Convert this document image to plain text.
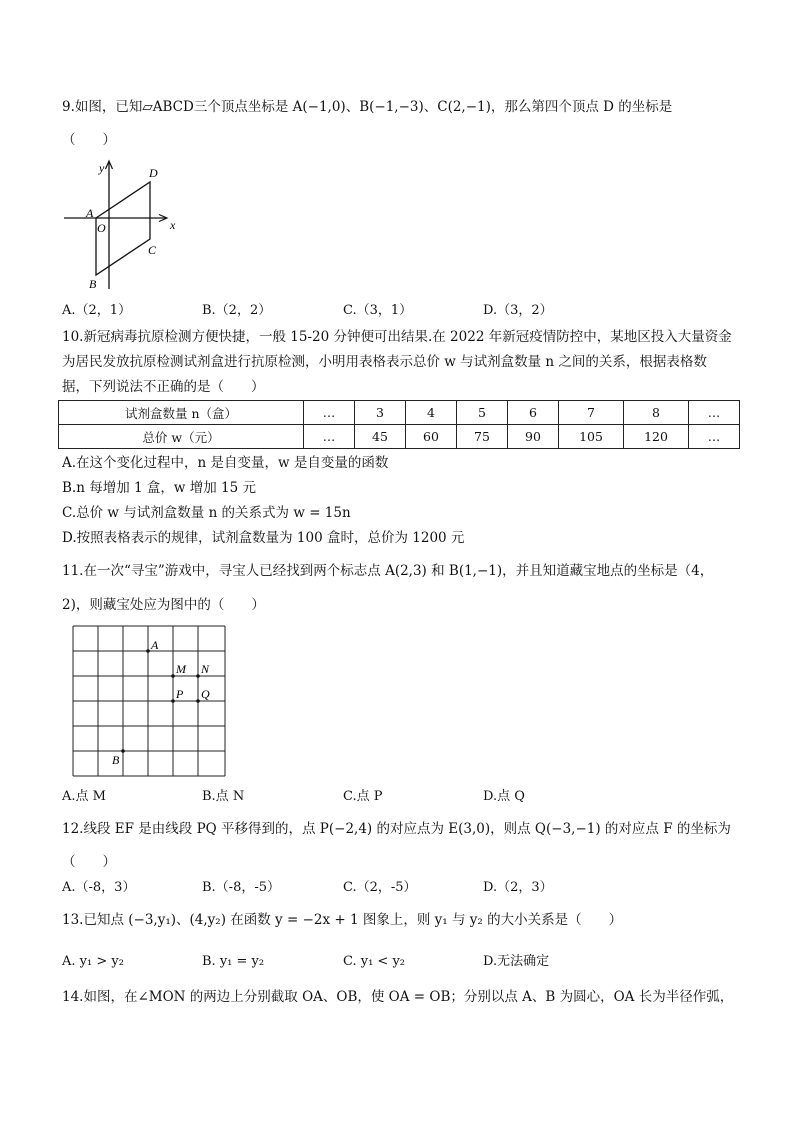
9.如图，已知▱ABCD三个顶点坐标是 A(−1,0)、B(−1,−3)、C(2,−1)，那么第四个顶点 D 的坐标是
（　　）
y
x
O
A
B
C
D
A.（2，1）	B.（2，2）	C.（3，1）	D.（3，2）
10.新冠病毒抗原检测方便快捷，一般 15-20 分钟便可出结果.在 2022 年新冠疫情防控中，某地区投入大量资金
为居民发放抗原检测试剂盒进行抗原检测，小明用表格表示总价 w 与试剂盒数量 n 之间的关系，根据表格数
据，下列说法不正确的是（　　）
试剂盒数量 n（盒）	…	3	4	5	6	7	8	…
总价 w（元）	…	45	60	75	90	105	120	…
A.在这个变化过程中，n 是自变量，w 是自变量的函数
B.n 每增加 1 盒，w 增加 15 元
C.总价 w 与试剂盒数量 n 的关系式为 w = 15n
D.按照表格表示的规律，试剂盒数量为 100 盒时，总价为 1200 元
11.在一次“寻宝”游戏中，寻宝人已经找到两个标志点 A(2,3) 和 B(1,−1)，并且知道藏宝地点的坐标是（4，
2)，则藏宝处应为图中的（　　）
A
B
M N
P Q
A.点 M	B.点 N	C.点 P	D.点 Q
12.线段 EF 是由线段 PQ 平移得到的，点 P(−2,4) 的对应点为 E(3,0)，则点 Q(−3,−1) 的对应点 F 的坐标为
（　　）
A.（-8，3）	B.（-8，-5）	C.（2，-5）	D.（2，3）
13.已知点 (−3,y₁)、(4,y₂) 在函数 y = −2x + 1 图象上，则 y₁ 与 y₂ 的大小关系是（　　）
A. y₁ > y₂	B. y₁ = y₂	C. y₁ < y₂	D.无法确定
14.如图，在∠MON 的两边上分别截取 OA、OB，使 OA = OB；分别以点 A、B 为圆心，OA 长为半径作弧，
